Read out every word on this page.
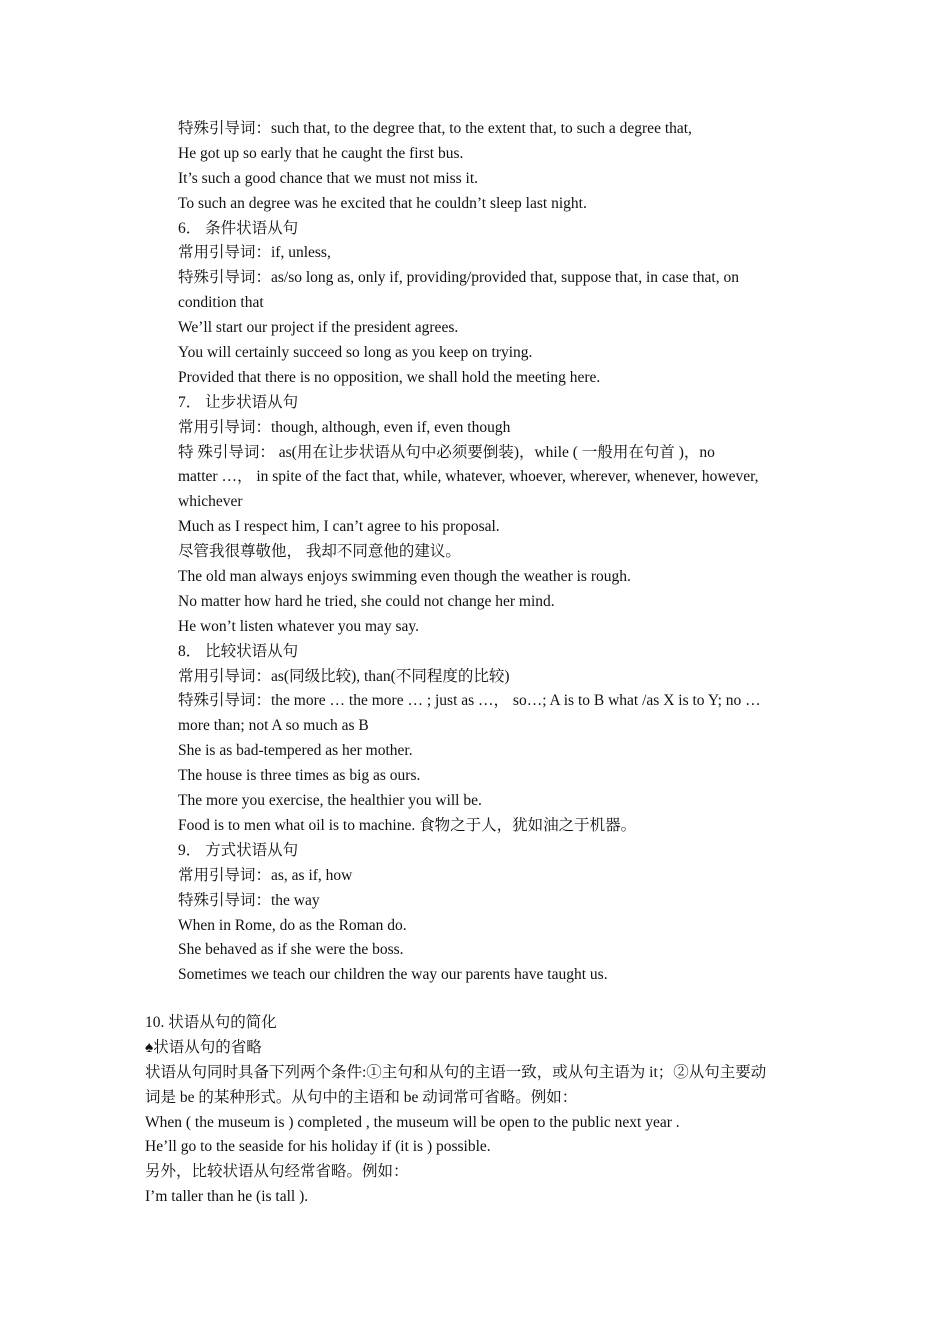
特殊引导词：such that, to the degree that, to the extent that, to such a degree that,
He got up so early that he caught the first bus.
It’s such a good chance that we must not miss it.
To such an degree was he excited that he couldn’t sleep last night.
6． 条件状语从句
常用引导词：if, unless,
特殊引导词：as/so long as, only if, providing/provided that, suppose that, in case that, on
condition that
We’ll start our project if the president agrees.
You will certainly succeed so long as you keep on trying.
Provided that there is no opposition, we shall hold the meeting here.
7． 让步状语从句
常用引导词：though, although, even if, even though
特 殊引导词： as(用在让步状语从句中必须要倒装)，while ( 一般用在句首 )，no
matter …， in spite of the fact that, while, whatever, whoever, wherever, whenever, however,
whichever
Much as I respect him, I can’t agree to his proposal.
尽管我很尊敬他， 我却不同意他的建议。
The old man always enjoys swimming even though the weather is rough.
No matter how hard he tried, she could not change her mind.
He won’t listen whatever you may say.
8． 比较状语从句
常用引导词：as(同级比较), than(不同程度的比较)
特殊引导词：the more … the more … ; just as …， so…; A is to B what /as X is to Y; no …
more than; not A so much as B
She is as bad-tempered as her mother.
The house is three times as big as ours.
The more you exercise, the healthier you will be.
Food is to men what oil is to machine. 食物之于人，犹如油之于机器。
9． 方式状语从句
常用引导词：as, as if, how
特殊引导词：the way
When in Rome, do as the Roman do.
She behaved as if she were the boss.
Sometimes we teach our children the way our parents have taught us.
10. 状语从句的简化
♠状语从句的省略
状语从句同时具备下列两个条件:①主句和从句的主语一致，或从句主语为 it；②从句主要动
词是 be 的某种形式。从句中的主语和 be 动词常可省略。例如：
When ( the museum is ) completed , the museum will be open to the public next year .
He’ll go to the seaside for his holiday if (it is ) possible.
另外，比较状语从句经常省略。例如：
I’m taller than he (is tall ).
